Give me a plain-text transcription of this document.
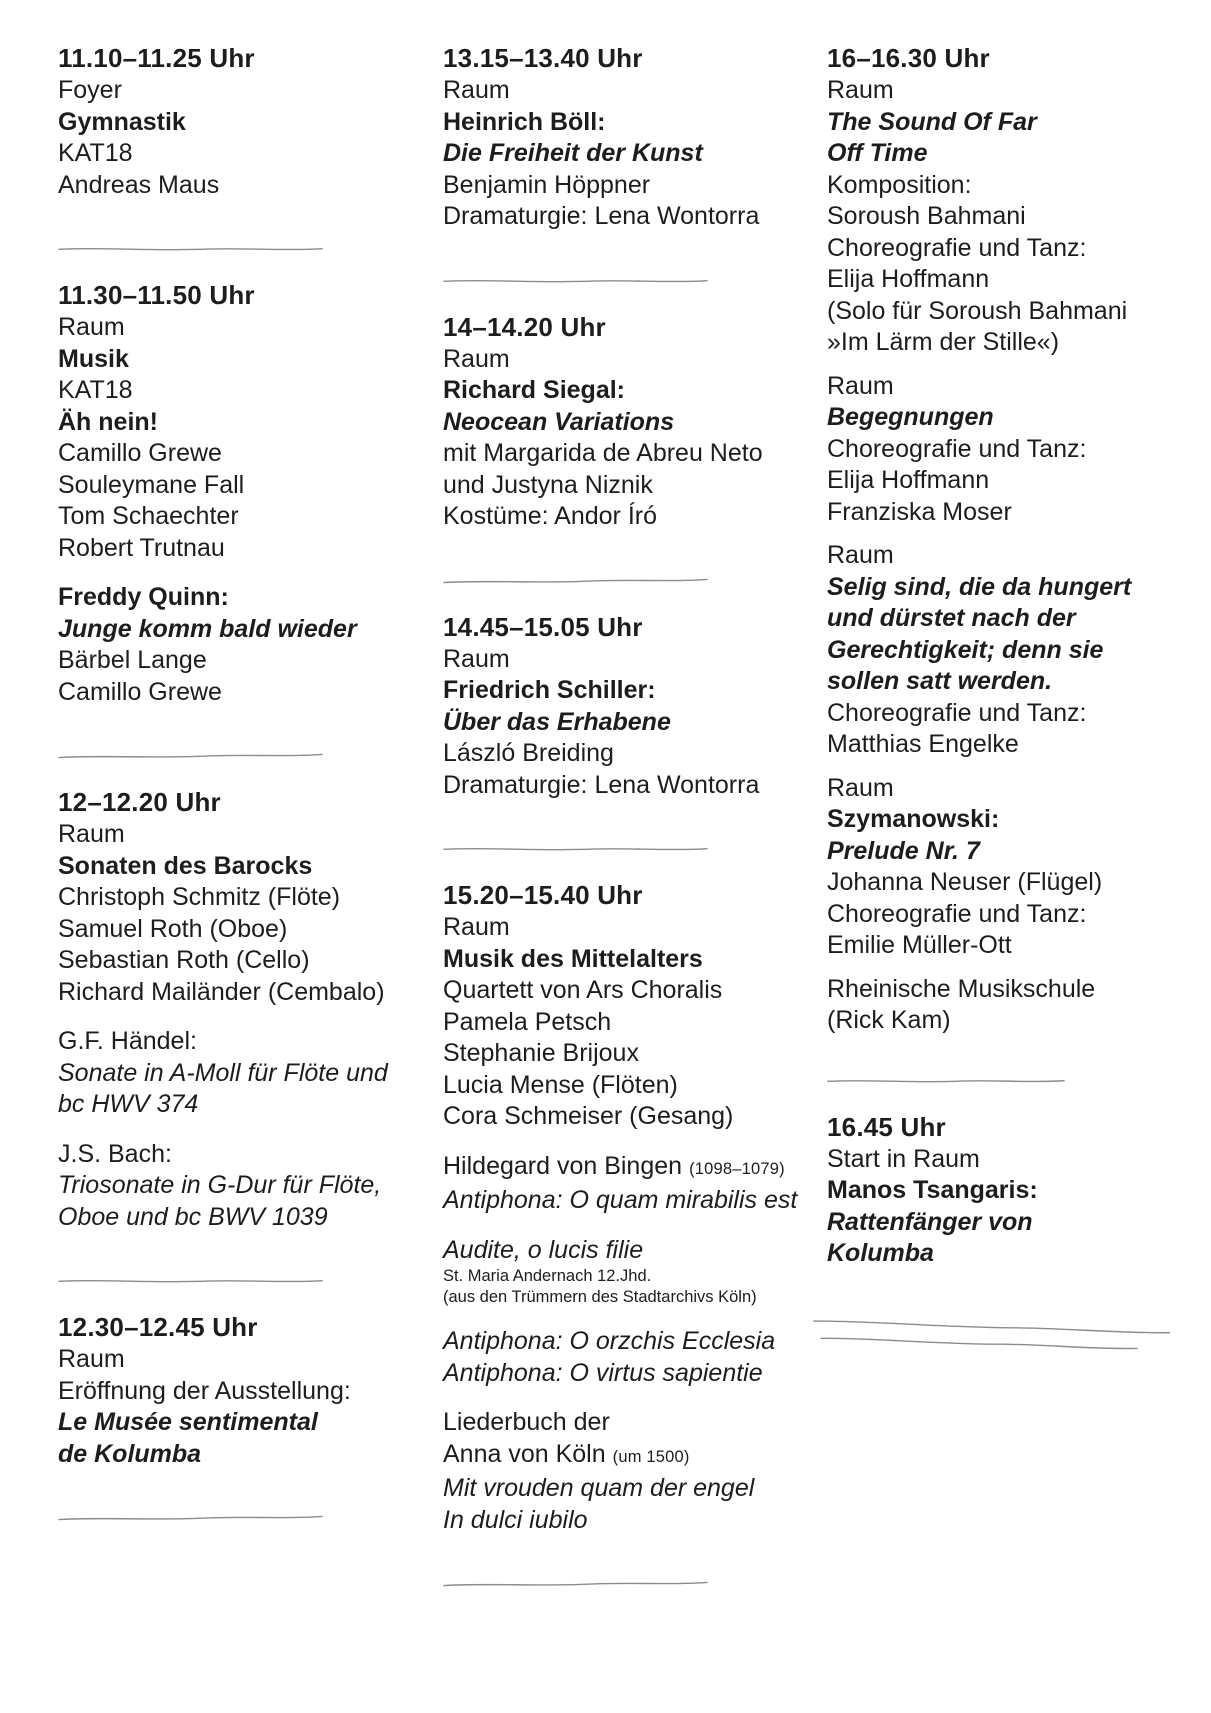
11.10–11.25 Uhr
Foyer
Gymnastik
KAT18
Andreas Maus
11.30–11.50 Uhr
Raum
Musik
KAT18
Äh nein!
Camillo Grewe
Souleymane Fall
Tom Schaechter
Robert Trutnau
Freddy Quinn:
Junge komm bald wieder
Bärbel Lange
Camillo Grewe
12–12.20 Uhr
Raum
Sonaten des Barocks
Christoph Schmitz (Flöte)
Samuel Roth (Oboe)
Sebastian Roth (Cello)
Richard Mailänder (Cembalo)
G.F. Händel:
Sonate in A-Moll für Flöte und
bc HWV 374
J.S. Bach:
Triosonate in G-Dur für Flöte,
Oboe und bc BWV 1039
12.30–12.45 Uhr
Raum
Eröffnung der Ausstellung:
Le Musée sentimental
de Kolumba
13.15–13.40 Uhr
Raum
Heinrich Böll:
Die Freiheit der Kunst
Benjamin Höppner
Dramaturgie: Lena Wontorra
14–14.20 Uhr
Raum
Richard Siegal:
Neocean Variations
mit Margarida de Abreu Neto
und Justyna Niznik
Kostüme: Andor Író
14.45–15.05 Uhr
Raum
Friedrich Schiller:
Über das Erhabene
László Breiding
Dramaturgie: Lena Wontorra
15.20–15.40 Uhr
Raum
Musik des Mittelalters
Quartett von Ars Choralis
Pamela Petsch
Stephanie Brijoux
Lucia Mense (Flöten)
Cora Schmeiser (Gesang)
Hildegard von Bingen (1098–1079)
Antiphona: O quam mirabilis est
Audite, o lucis filie
St. Maria Andernach 12.Jhd.
(aus den Trümmern des Stadtarchivs Köln)
Antiphona: O orzchis Ecclesia
Antiphona: O virtus sapientie
Liederbuch der
Anna von Köln (um 1500)
Mit vrouden quam der engel
In dulci iubilo
16–16.30 Uhr
Raum
The Sound Of Far
Off Time
Komposition:
Soroush Bahmani
Choreografie und Tanz:
Elija Hoffmann
(Solo für Soroush Bahmani
»Im Lärm der Stille«)
Raum
Begegnungen
Choreografie und Tanz:
Elija Hoffmann
Franziska Moser
Raum
Selig sind, die da hungert
und dürstet nach der
Gerechtigkeit; denn sie
sollen satt werden.
Choreografie und Tanz:
Matthias Engelke
Raum
Szymanowski:
Prelude Nr. 7
Johanna Neuser (Flügel)
Choreografie und Tanz:
Emilie Müller-Ott
Rheinische Musikschule
(Rick Kam)
16.45 Uhr
Start in Raum
Manos Tsangaris:
Rattenfänger von
Kolumba
